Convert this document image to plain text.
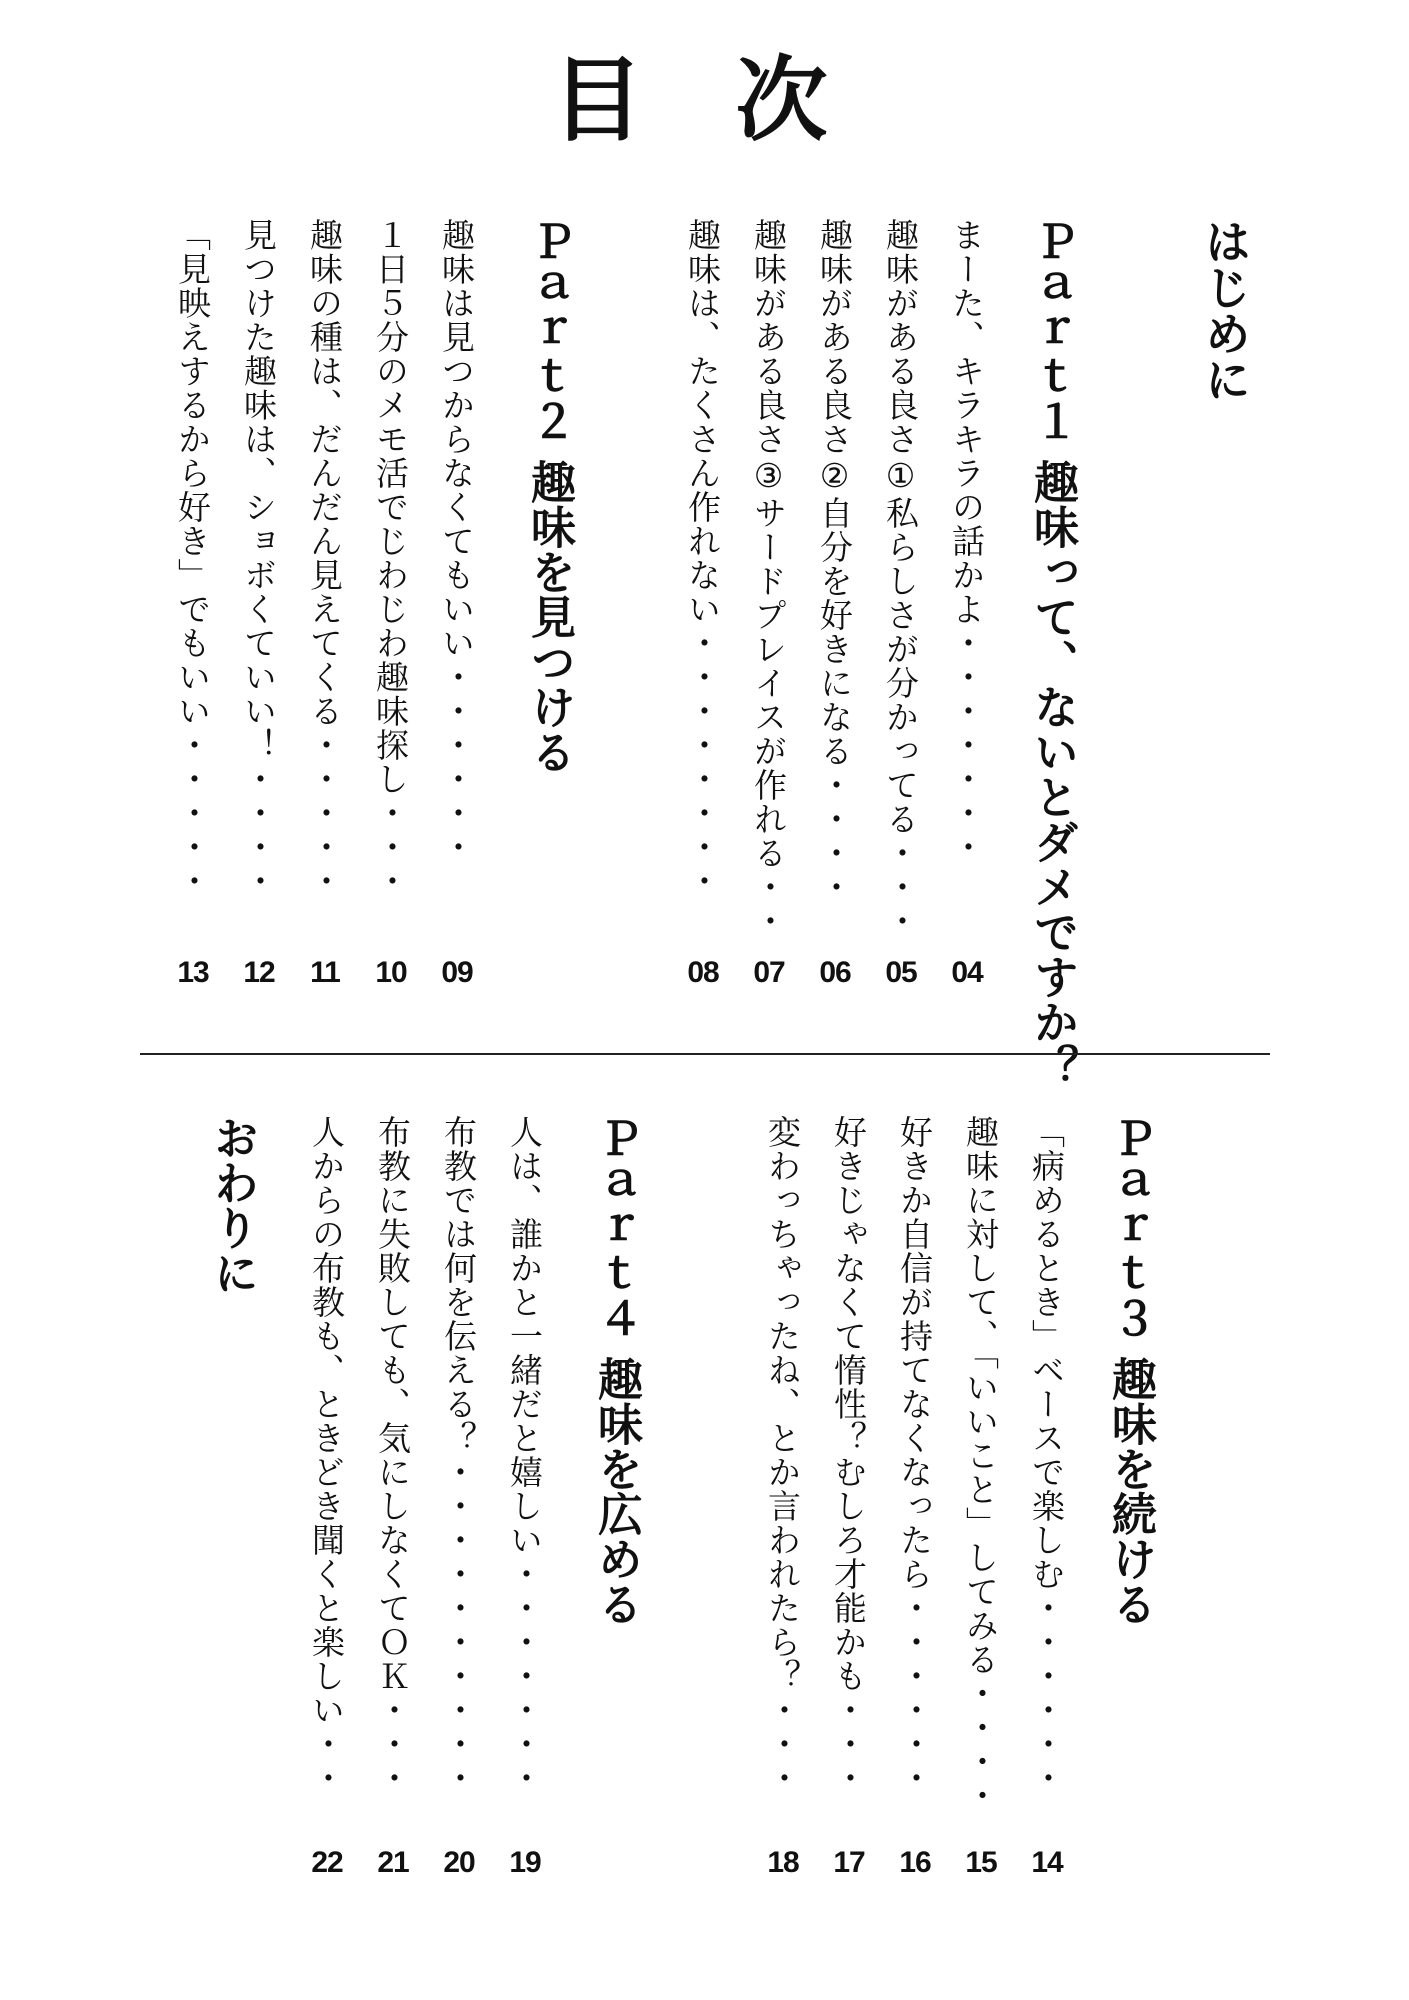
目 次
はじめに
Ｐａｒｔ１ 趣味って、ないとダメですか？
まーた、キラキラの話かよ・・・・・・・
趣味がある良さ①私らしさが分かってる・・・
趣味がある良さ②自分を好きになる・・・・
趣味がある良さ③サードプレイスが作れる・・
趣味は、たくさん作れない・・・・・・・・
Ｐａｒｔ２ 趣味を見つける
趣味は見つからなくてもいい・・・・・・
１日５分のメモ活でじわじわ趣味探し・・・
趣味の種は、だんだん見えてくる・・・・・
見つけた趣味は、ショボくていい！・・・・
「見映えするから好き」でもいい・・・・・
04
05
06
07
08
09
10
11
12
13
Ｐａｒｔ３ 趣味を続ける
「病めるとき」ベースで楽しむ・・・・・・
趣味に対して、「いいこと」してみる・・・・
好きか自信が持てなくなったら・・・・・・
好きじゃなくて惰性？むしろ才能かも・・・
変わっちゃったね、とか言われたら？・・・
Ｐａｒｔ４ 趣味を広める
人は、誰かと一緒だと嬉しい・・・・・・・
布教では何を伝える？・・・・・・・・・・
布教に失敗しても、気にしなくてＯＫ・・・
人からの布教も、ときどき聞くと楽しい・・
おわりに
14
15
16
17
18
19
20
21
22
